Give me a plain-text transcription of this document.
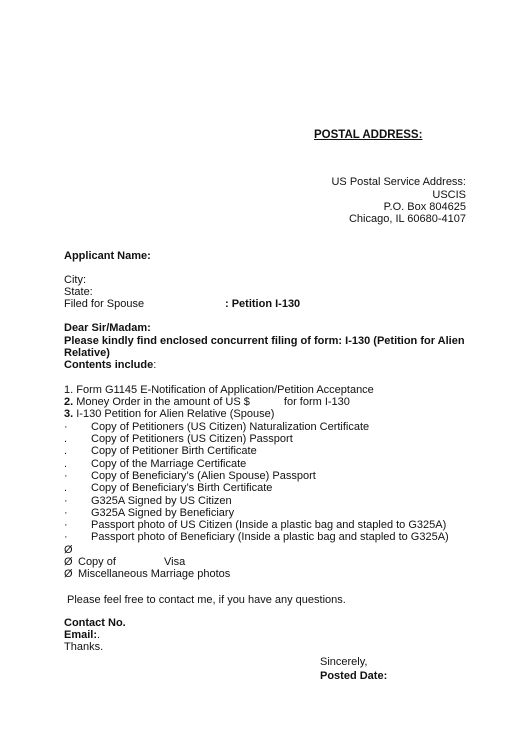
POSTAL ADDRESS:
US Postal Service Address:
USCIS
P.O. Box 804625
Chicago, IL 60680-4107
Applicant Name:
City:
State:
Filed for Spouse	: Petition I-130
Dear Sir/Madam:
Please kindly find enclosed concurrent filing of form: I-130 (Petition for Alien
Relative)
Contents include:
1. Form G1145 E-Notification of Application/Petition Acceptance
2. Money Order in the amount of US $	for form I-130
3. I-130 Petition for Alien Relative (Spouse)
· Copy of Petitioners (US Citizen) Naturalization Certificate
. Copy of Petitioners (US Citizen) Passport
. Copy of Petitioner Birth Certificate
. Copy of the Marriage Certificate
· Copy of Beneficiary’s (Alien Spouse) Passport
. Copy of Beneficiary’s Birth Certificate
· G325A Signed by US Citizen
· G325A Signed by Beneficiary
· Passport photo of US Citizen (Inside a plastic bag and stapled to G325A)
· Passport photo of Beneficiary (Inside a plastic bag and stapled to G325A)
Ø
Ø Copy of	Visa
Ø Miscellaneous Marriage photos
Please feel free to contact me, if you have any questions.
Contact No.
Email:.
Thanks.
Sincerely,
Posted Date:
